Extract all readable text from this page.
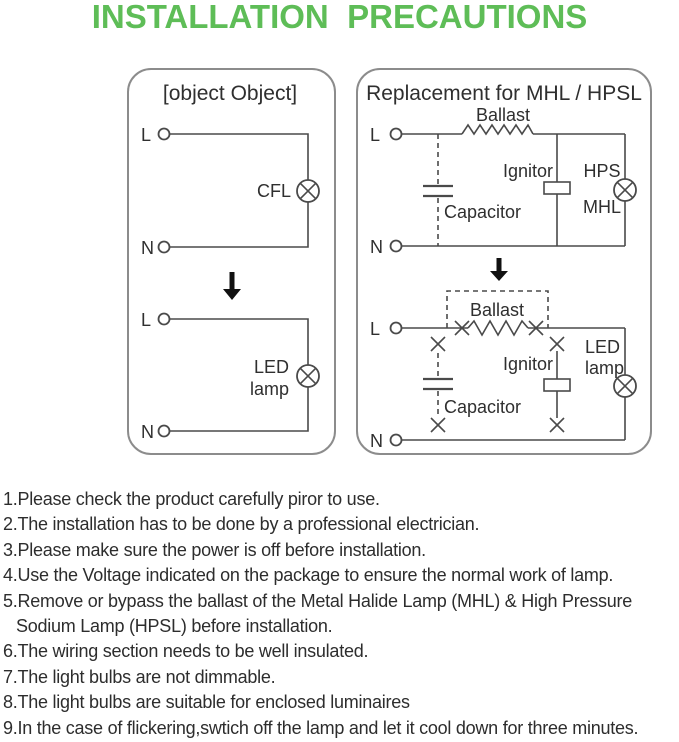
INSTALLATION  PRECAUTIONS
[object Object]
L
N
CFL
L
N
LED
lamp
Replacement for MHL / HPSL
L
N
Ballast
Capacitor
Ignitor HPS
MHL
Ballast
L
N
Capacitor
Ignitor
LED
lamp
1.Please check the product carefully piror to use.
2.The installation has to be done by a professional electrician.
3.Please make sure the power is off before installation.
4.Use the Voltage indicated on the package to ensure the normal work of lamp.
5.Remove or bypass the ballast of the Metal Halide Lamp (MHL) & High Pressure Sodium Lamp (HPSL) before installation.
6.The wiring section needs to be well insulated.
7.The light bulbs are not dimmable.
8.The light bulbs are suitable for enclosed luminaires
9.In the case of flickering,swtich off the lamp and let it cool down for three minutes.
